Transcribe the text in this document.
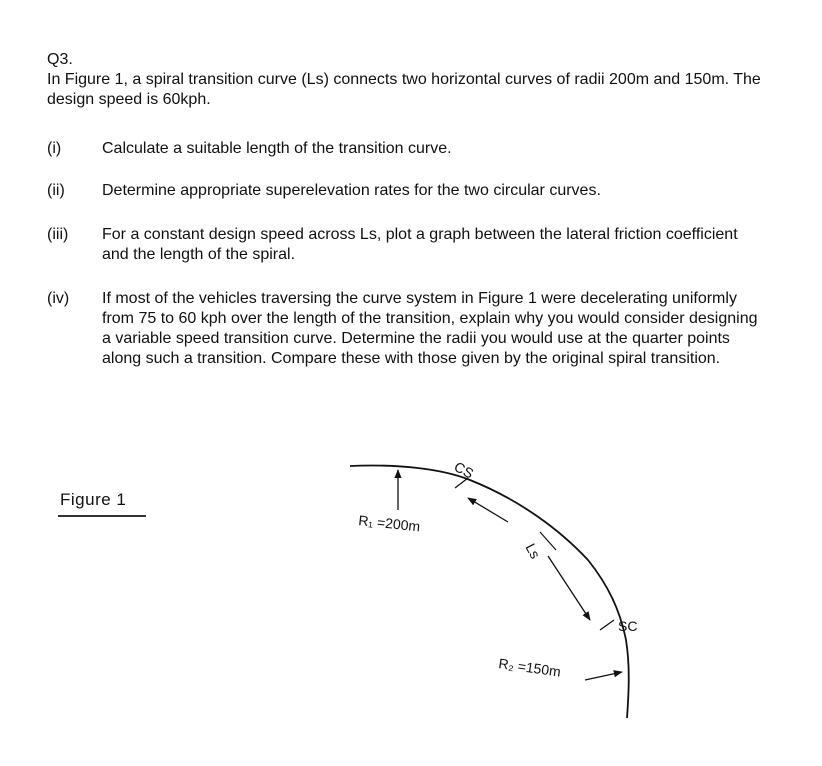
Q3.

In Figure 1, a spiral transition curve (Ls) connects two horizontal curves of radii 200m and 150m. The design speed is 60kph.

(i)	Calculate a suitable length of the transition curve.
(ii)	Determine appropriate superelevation rates for the two circular curves.
(iii)	For a constant design speed across Ls, plot a graph between the lateral friction coefficient and the length of the spiral.
(iv)	If most of the vehicles traversing the curve system in Figure 1 were decelerating uniformly from 75 to 60 kph over the length of the transition, explain why you would consider designing a variable speed transition curve. Determine the radii you would use at the quarter points along such a transition. Compare these with those given by the original spiral transition.
Figure 1
R₁ =200m
CS
Ls
SC
R₂ =150m
